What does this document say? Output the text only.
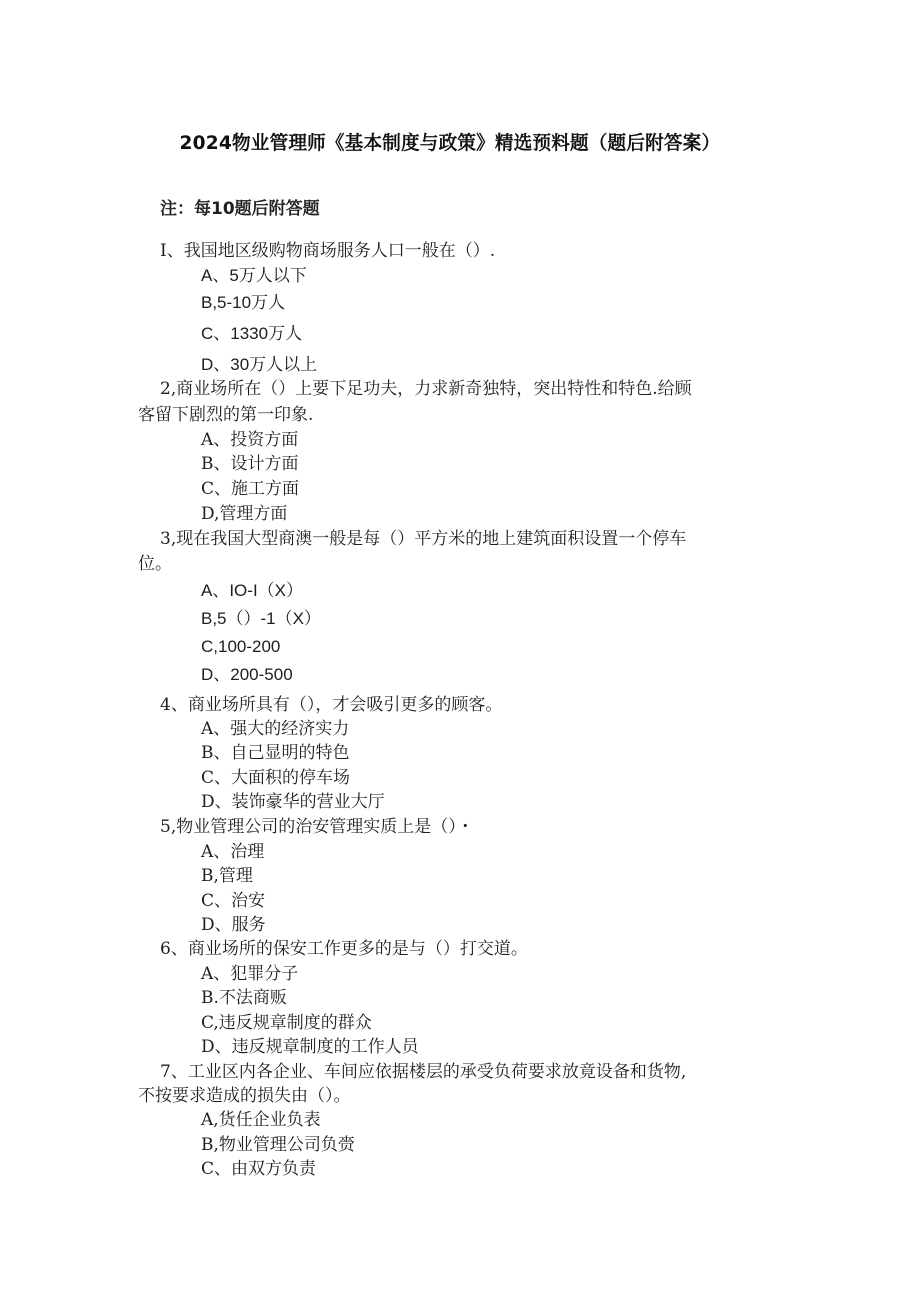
2024物业管理师《基本制度与政策》精选预料题（题后附答案）
注：每10题后附答题
I、我国地区级购物商场服务人口一般在（）.
A、5万人以下
B,5-10万人
C、1330万人
D、30万人以上
2,商业场所在（）上要下足功夫，力求新奇独特，突出特性和特色.给顾
客留下剧烈的第一印象.
A、投资方面
B、设计方面
C、施工方面
D,管理方面
3,现在我国大型商澳一般是每（）平方米的地上建筑面积设置一个停车
位。
A、IO-I（X）
B,5（）-1（X）
C,100-200
D、200-500
4、商业场所具有（），才会吸引更多的顾客。
A、强大的经济实力
B、自己显明的特色
C、大面积的停车场
D、装饰豪华的营业大厅
5,物业管理公司的治安管理实质上是（）・
A、治理
B,管理
C、治安
D、服务
6、商业场所的保安工作更多的是与（）打交道。
A、犯罪分子
B.不法商贩
C,违反规章制度的群众
D、违反规章制度的工作人员
7、工业区内各企业、车间应依据楼层的承受负荷要求放竟设备和货物,
不按要求造成的损失由（）。
A,货任企业负表
B,物业管理公司负赍
C、由双方负责
